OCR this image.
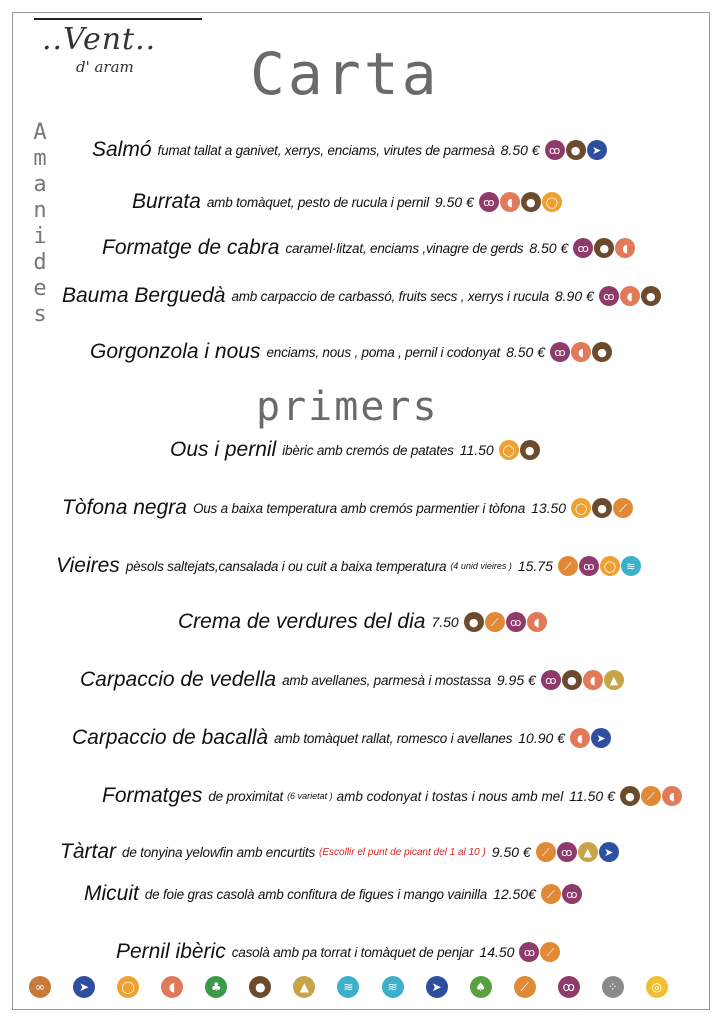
..Vent..
d' aram Carta
primers
A
m
a
n
i
d
e
s
Salmó fumat tallat a ganivet, xerrys, enciams, virutes de parmesà 8.50 € ꝏ ●	➤
Burrata amb tomàquet, pesto de rucula i pernil 9.50 € ꝏ	◖	● ◯
Formatge de cabra caramel·litzat, enciams ,vinagre de gerds 8.50 € ꝏ ●	◖
Bauma Berguedà amb carpaccio de carbassó, fruits secs , xerrys i rucula 8.90 € ꝏ	◖	●
Gorgonzola i nous enciams, nous , poma , pernil i codonyat 8.50 € ꝏ	◖	●
Ous i pernil ibèric amb cremós de patates 11.50 ◯ ●
Tòfona negra Ous a baixa temperatura amb cremós parmentier i tòfona 13.50 ◯ ●	⟋
Vieires pèsols saltejats,cansalada i ou cuit a baixa temperatura (4 unid vieires ) 15.75	⟋	ꝏ ◯ ≋
Crema de verdures del dia 7.50 ●	⟋	ꝏ	◖
Carpaccio de vedella amb avellanes, parmesà i mostassa 9.95 € ꝏ ●	◖	▲
Carpaccio de bacallà amb tomàquet rallat, romesco i avellanes 10.90 €	◖	➤
Formatges de proximitat (6 varietat ) amb codonyat i tostas i nous amb mel 11.50 € ●	⟋	◖
Tàrtar de tonyina yelowfin amb encurtits (Escollir el punt de picant del 1 al 10 ) 9.50 €	⟋	ꝏ	▲	➤
Micuit de foie gras casolà amb confitura de figues i mango vainilla 12.50€	⟋	ꝏ
Pernil ibèric casolà amb pa torrat i tomàquet de penjar 14.50 ꝏ	⟋
∞	➤	◯	◖	♣	●	▲	≋	≋	➤	♠	⟋	ꝏ	⁘	◎
